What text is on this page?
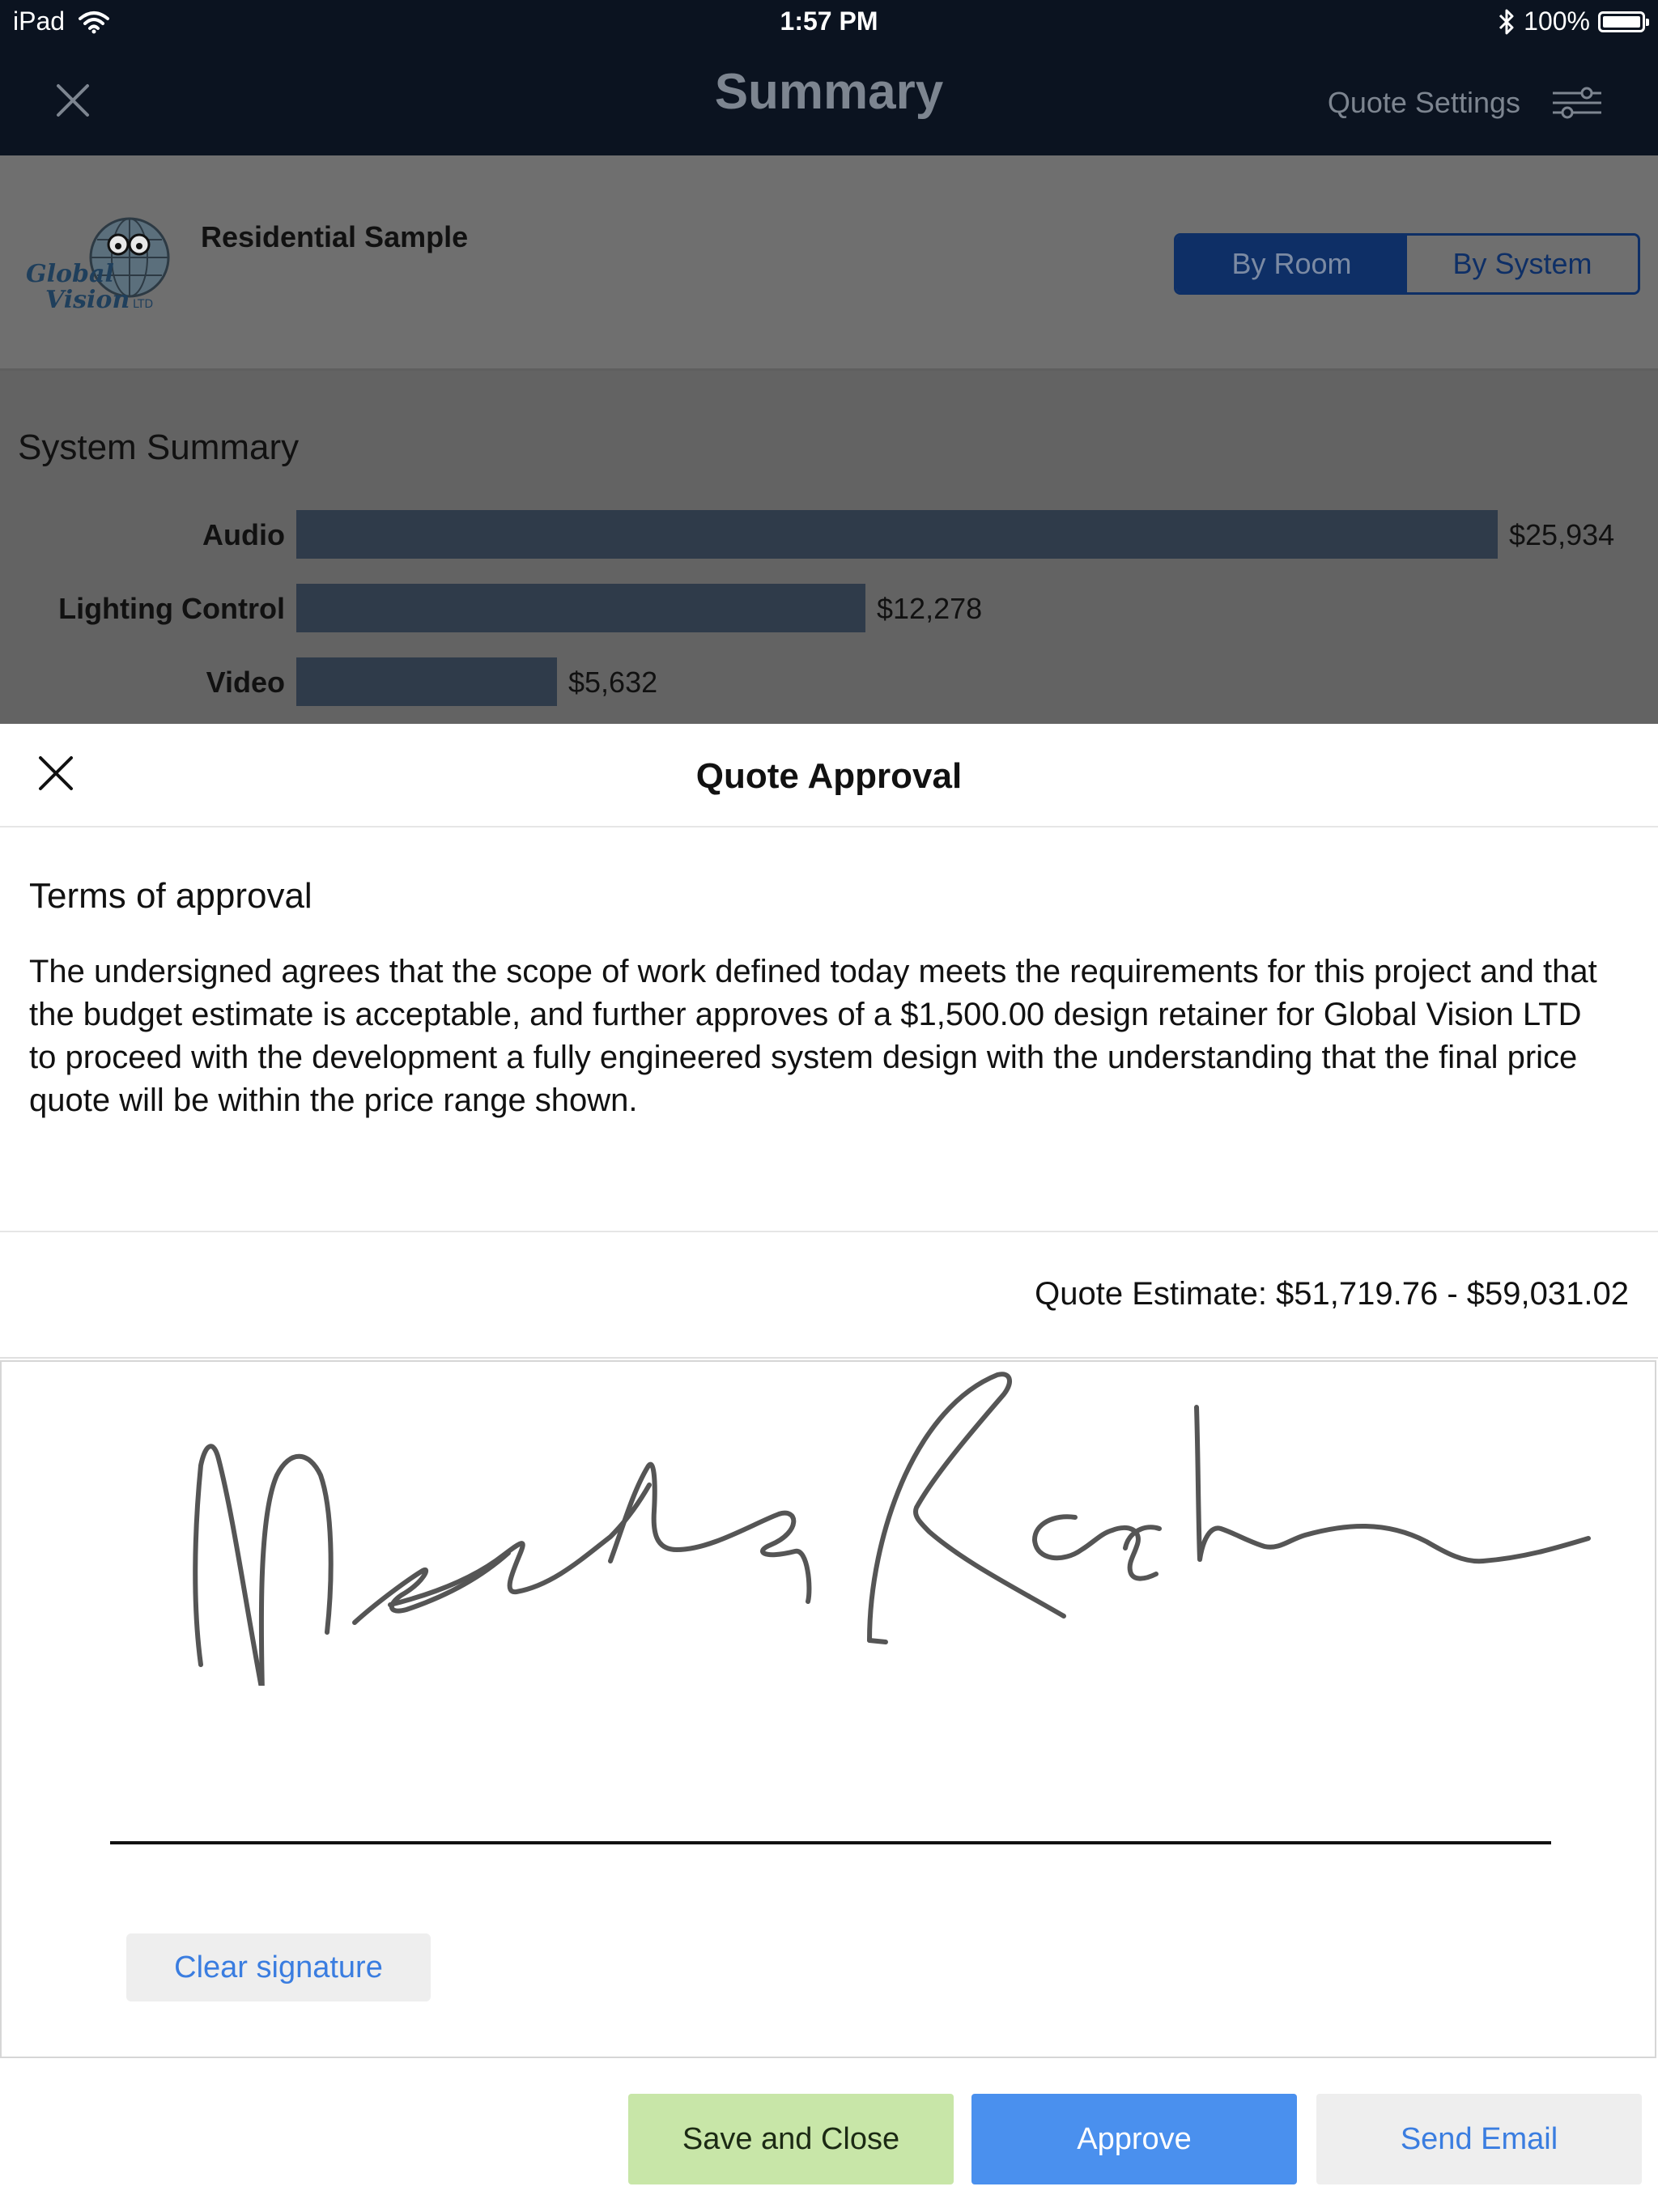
iPad	1:57 PM	100%
Summary	Quote Settings
Global
Vision LTD
Residential Sample
By Room	By System
System Summary
Audio	$25,934
Lighting Control	$12,278
Video	$5,632
Quote Approval
Terms of approval
The undersigned agrees that the scope of work defined today meets the requirements for this project and that the budget estimate is acceptable, and further approves of a $1,500.00 design retainer for Global Vision LTD to proceed with the development a fully engineered system design with the understanding that the final price quote will be within the price range shown.
Quote Estimate: $51,719.76 - $59,031.02
Clear signature
Save and Close	Approve	Send Email
